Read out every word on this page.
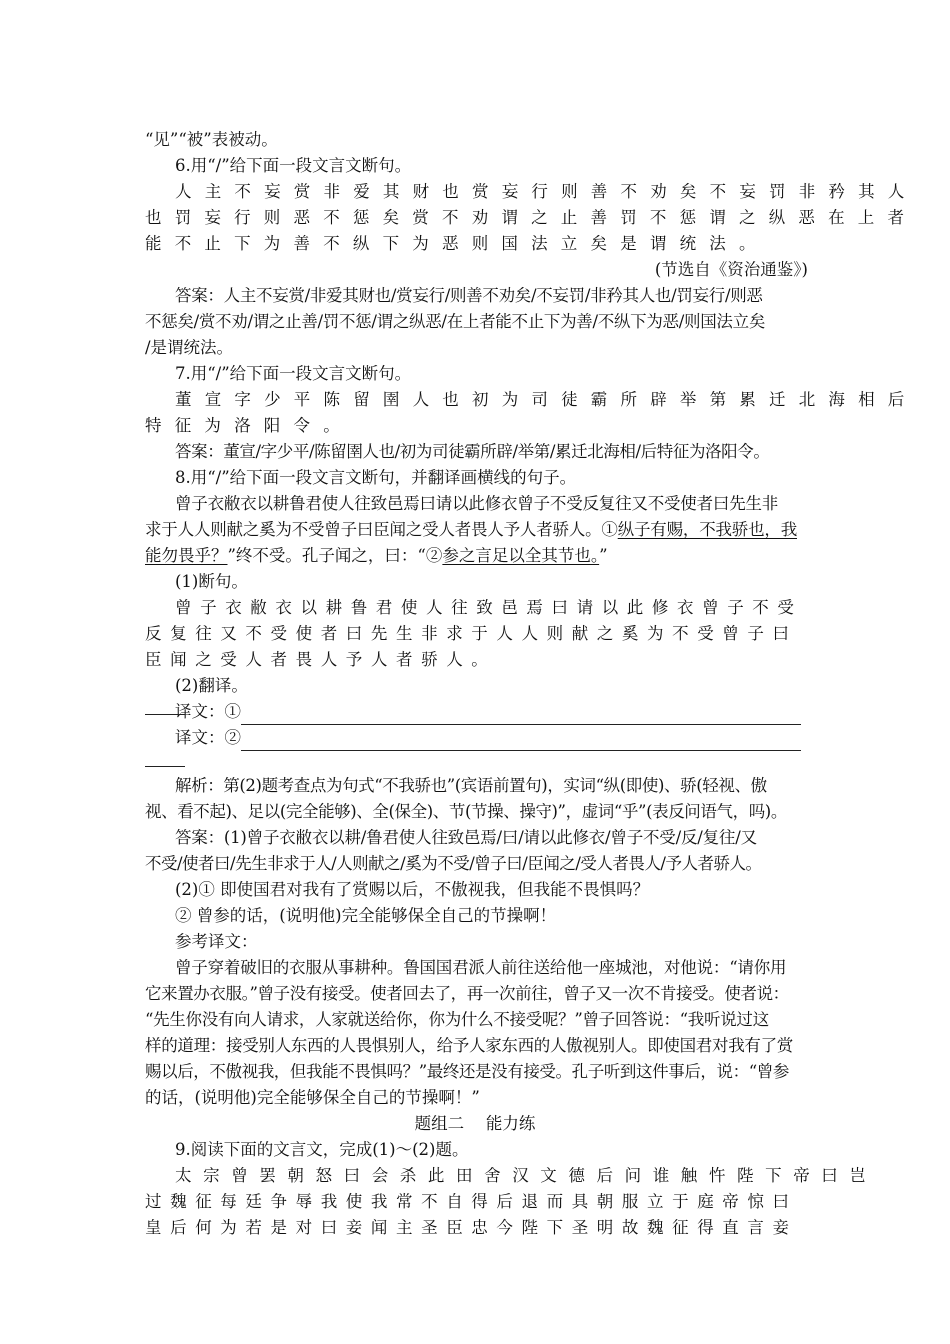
“见”“被”表被动。
6.用“/”给下面一段文言文断句。
人主不妄赏非爱其财也赏妄行则善不劝矣不妄罚非矜其人
也罚妄行则恶不惩矣赏不劝谓之止善罚不惩谓之纵恶在上者
能不止下为善不纵下为恶则国法立矣是谓统法。
(节选自《资治通鉴》)
答案：人主不妄赏/非爱其财也/赏妄行/则善不劝矣/不妄罚/非矜其人也/罚妄行/则恶
不惩矣/赏不劝/谓之止善/罚不惩/谓之纵恶/在上者能不止下为善/不纵下为恶/则国法立矣
/是谓统法。
7.用“/”给下面一段文言文断句。
董宣字少平陈留圉人也初为司徒霸所辟举第累迁北海相后
特征为洛阳令。
答案：董宣/字少平/陈留圉人也/初为司徒霸所辟/举第/累迁北海相/后特征为洛阳令。
8.用“/”给下面一段文言文断句，并翻译画横线的句子。
曾子衣敝衣以耕鲁君使人往致邑焉曰请以此修衣曾子不受反复往又不受使者曰先生非
求于人人则献之奚为不受曾子曰臣闻之受人者畏人予人者骄人。①纵子有赐，不我骄也，我
能勿畏乎？”终不受。孔子闻之，曰：“②参之言足以全其节也。”
(1)断句。
曾子衣敝衣以耕鲁君使人往致邑焉曰请以此修衣曾子不受
反复往又不受使者曰先生非求于人人则献之奚为不受曾子曰
臣闻之受人者畏人予人者骄人。
(2)翻译。
译文：①
译文：②
解析：第(2)题考查点为句式“不我骄也”(宾语前置句)，实词“纵(即使)、骄(轻视、傲
视、看不起)、足以(完全能够)、全(保全)、节(节操、操守)”，虚词“乎”(表反问语气，吗)。
答案：(1)曾子衣敝衣以耕/鲁君使人往致邑焉/曰/请以此修衣/曾子不受/反/复往/又
不受/使者曰/先生非求于人/人则献之/奚为不受/曾子曰/臣闻之/受人者畏人/予人者骄人。
(2)① 即使国君对我有了赏赐以后，不傲视我，但我能不畏惧吗？
② 曾参的话，(说明他)完全能够保全自己的节操啊！
参考译文：
曾子穿着破旧的衣服从事耕种。鲁国国君派人前往送给他一座城池，对他说：“请你用
它来置办衣服。”曾子没有接受。使者回去了，再一次前往，曾子又一次不肯接受。使者说：
“先生你没有向人请求，人家就送给你，你为什么不接受呢？”曾子回答说：“我听说过这
样的道理：接受别人东西的人畏惧别人，给予人家东西的人傲视别人。即使国君对我有了赏
赐以后，不傲视我，但我能不畏惧吗？”最终还是没有接受。孔子听到这件事后，说：“曾参
的话，(说明他)完全能够保全自己的节操啊！”
题组二　 能力练
9.阅读下面的文言文，完成(1)～(2)题。
太宗曾罢朝怒曰会杀此田舍汉文德后问谁触忤陛下帝曰岂
过魏征每廷争辱我使我常不自得后退而具朝服立于庭帝惊曰
皇后何为若是对曰妾闻主圣臣忠今陛下圣明故魏征得直言妾
